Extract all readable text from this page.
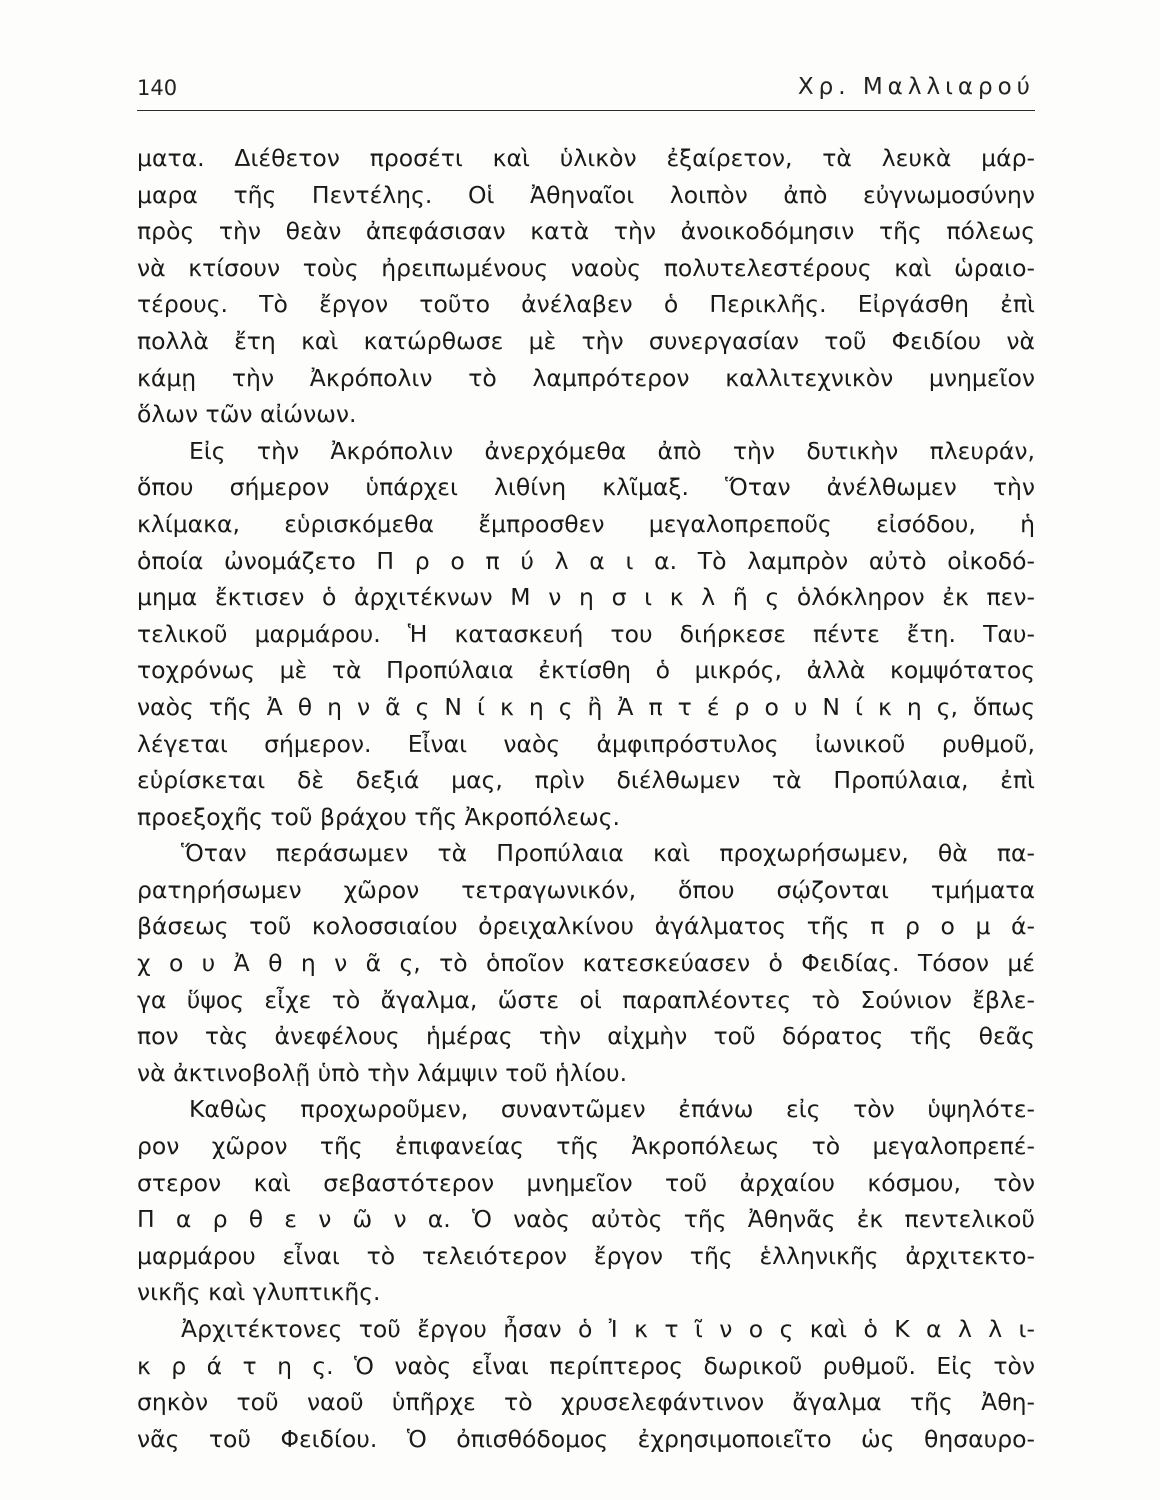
140	Χρ. Μαλλιαρού
ματα. Διέθετον προσέτι καὶ ὑλικὸν ἐξαίρετον, τὰ λευκὰ μάρ-
μαρα τῆς Πεντέλης. Οἱ Ἀθηναῖοι λοιπὸν ἀπὸ εὐγνωμοσύνην
πρὸς τὴν θεὰν ἀπεφάσισαν κατὰ τὴν ἀνοικοδόμησιν τῆς πόλεως
νὰ κτίσουν τοὺς ἠρειπωμένους ναοὺς πολυτελεστέρους καὶ ὡραιο-
τέρους. Τὸ ἔργον τοῦτο ἀνέλαβεν ὁ Περικλῆς. Εἰργάσθη ἐπὶ
πολλὰ ἔτη καὶ κατώρθωσε μὲ τὴν συνεργασίαν τοῦ Φειδίου νὰ
κάμῃ τὴν Ἀκρόπολιν τὸ λαμπρότερον καλλιτεχνικὸν μνημεῖον
ὅλων τῶν αἰώνων.
Εἰς τὴν Ἀκρόπολιν ἀνερχόμεθα ἀπὸ τὴν δυτικὴν πλευράν,
ὅπου σήμερον ὑπάρχει λιθίνη κλῖμαξ. Ὅταν ἀνέλθωμεν τὴν
κλίμακα, εὑρισκόμεθα ἔμπροσθεν μεγαλοπρεποῦς εἰσόδου, ἡ
ὁποία ὠνομάζετο Π ρ ο π ύ λ α ι α. Τὸ λαμπρὸν αὐτὸ οἰκοδό-
μημα ἔκτισεν ὁ ἀρχιτέκνων Μ ν η σ ι κ λ ῆ ς ὁλόκληρον ἐκ πεν-
τελικοῦ μαρμάρου. Ἡ κατασκευή του διήρκεσε πέντε ἔτη. Ταυ-
τοχρόνως μὲ τὰ Προπύλαια ἐκτίσθη ὁ μικρός, ἀλλὰ κομψότατος
ναὸς τῆς Ἀ θ η ν ᾶ ς Ν ί κ η ς ἢ Ἀ π τ έ ρ ο υ Ν ί κ η ς, ὅπως
λέγεται σήμερον. Εἶναι ναὸς ἀμφιπρόστυλος ἰωνικοῦ ρυθμοῦ,
εὑρίσκεται δὲ δεξιά μας, πρὶν διέλθωμεν τὰ Προπύλαια, ἐπὶ
προεξοχῆς τοῦ βράχου τῆς Ἀκροπόλεως.
Ὅταν περάσωμεν τὰ Προπύλαια καὶ προχωρήσωμεν, θὰ πα-
ρατηρήσωμεν χῶρον τετραγωνικόν, ὅπου σῴζονται τμήματα
βάσεως τοῦ κολοσσιαίου ὀρειχαλκίνου ἀγάλματος τῆς π ρ ο μ ά-
χ ο υ Ἀ θ η ν ᾶ ς, τὸ ὁποῖον κατεσκεύασεν ὁ Φειδίας. Τόσον μέ
γα ὕψος εἶχε τὸ ἄγαλμα, ὥστε οἱ παραπλέοντες τὸ Σούνιον ἔβλε-
πον τὰς ἀνεφέλους ἡμέρας τὴν αἰχμὴν τοῦ δόρατος τῆς θεᾶς
νὰ ἀκτινοβολῇ ὑπὸ τὴν λάμψιν τοῦ ἡλίου.
Καθὼς προχωροῦμεν, συναντῶμεν ἐπάνω εἰς τὸν ὑψηλότε-
ρον χῶρον τῆς ἐπιφανείας τῆς Ἀκροπόλεως τὸ μεγαλοπρεπέ-
στερον καὶ σεβαστότερον μνημεῖον τοῦ ἀρχαίου κόσμου, τὸν
Π α ρ θ ε ν ῶ ν α. Ὁ ναὸς αὐτὸς τῆς Ἀθηνᾶς ἐκ πεντελικοῦ
μαρμάρου εἶναι τὸ τελειότερον ἔργον τῆς ἑλληνικῆς ἀρχιτεκτο-
νικῆς καὶ γλυπτικῆς.
Ἀρχιτέκτονες τοῦ ἔργου ἦσαν ὁ Ἰ κ τ ῖ ν ο ς καὶ ὁ Κ α λ λ ι-
κ ρ ά τ η ς. Ὁ ναὸς εἶναι περίπτερος δωρικοῦ ρυθμοῦ. Εἰς τὸν
σηκὸν τοῦ ναοῦ ὑπῆρχε τὸ χρυσελεφάντινον ἄγαλμα τῆς Ἀθη-
νᾶς τοῦ Φειδίου. Ὁ ὀπισθόδομος ἐχρησιμοποιεῖτο ὡς θησαυρο-
